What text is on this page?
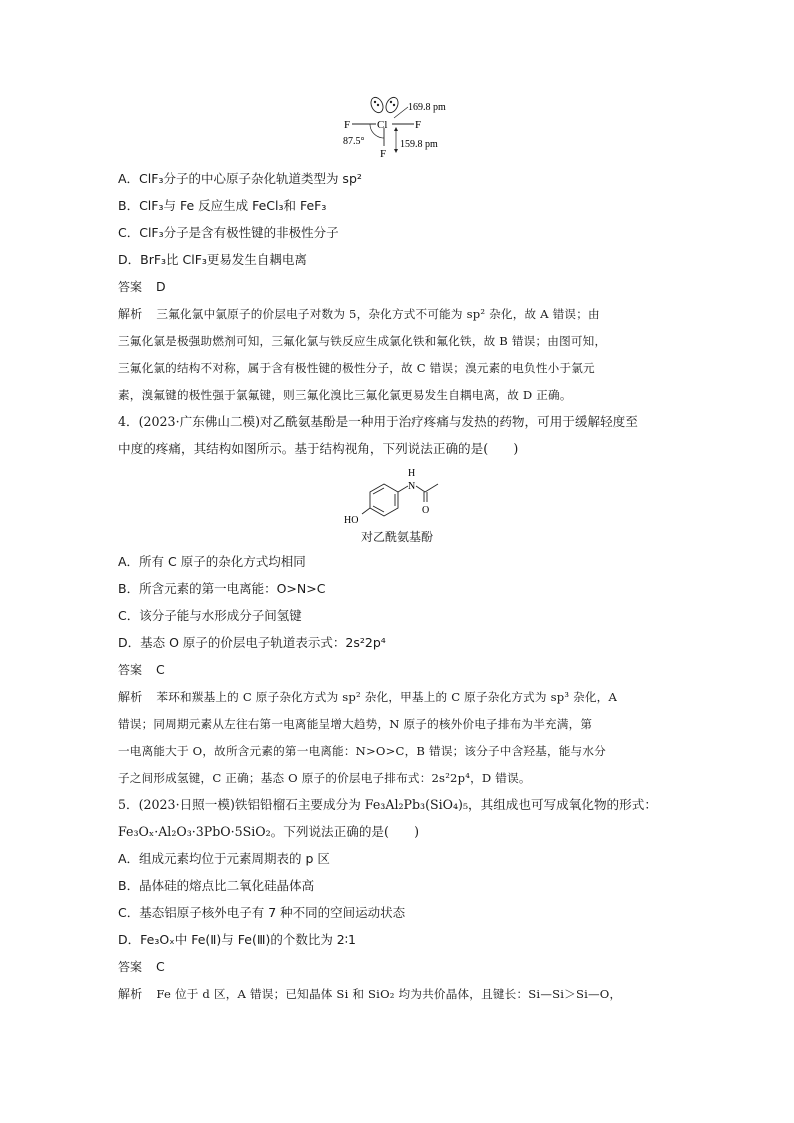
Cl
F	F
F
169.8 pm
159.8 pm
87.5°
A．ClF₃分子的中心原子杂化轨道类型为 sp²
B．ClF₃与 Fe 反应生成 FeCl₃和 FeF₃
C．ClF₃分子是含有极性键的非极性分子
D．BrF₃比 ClF₃更易发生自耦电离
答案 D
解析 三氟化氯中氯原子的价层电子对数为 5，杂化方式不可能为 sp² 杂化，故 A 错误；由
三氟化氯是极强助燃剂可知，三氟化氯与铁反应生成氯化铁和氟化铁，故 B 错误；由图可知，
三氟化氯的结构不对称，属于含有极性键的极性分子，故 C 错误；溴元素的电负性小于氯元
素，溴氟键的极性强于氯氟键，则三氟化溴比三氟化氯更易发生自耦电离，故 D 正确。
4．(2023·广东佛山二模)对乙酰氨基酚是一种用于治疗疼痛与发热的药物，可用于缓解轻度至
中度的疼痛，其结构如图所示。基于结构视角，下列说法正确的是(　　)
H
N
O
HO
对乙酰氨基酚
A．所有 C 原子的杂化方式均相同
B．所含元素的第一电离能：O>N>C
C．该分子能与水形成分子间氢键
D．基态 O 原子的价层电子轨道表示式：2s²2p⁴
答案 C
解析 苯环和羰基上的 C 原子杂化方式为 sp² 杂化，甲基上的 C 原子杂化方式为 sp³ 杂化，A
错误；同周期元素从左往右第一电离能呈增大趋势，N 原子的核外价电子排布为半充满，第
一电离能大于 O，故所含元素的第一电离能：N>O>C，B 错误；该分子中含羟基，能与水分
子之间形成氢键，C 正确；基态 O 原子的价层电子排布式：2s²2p⁴，D 错误。
5．(2023·日照一模)铁铝铅榴石主要成分为 Fe₃Al₂Pb₃(SiO₄)₅，其组成也可写成氧化物的形式：
Fe₃Oₓ·Al₂O₃·3PbO·5SiO₂。下列说法正确的是(　　)
A．组成元素均位于元素周期表的 p 区
B．晶体硅的熔点比二氧化硅晶体高
C．基态铝原子核外电子有 7 种不同的空间运动状态
D．Fe₃Oₓ中 Fe(Ⅱ)与 Fe(Ⅲ)的个数比为 2∶1
答案 C
解析 Fe 位于 d 区，A 错误；已知晶体 Si 和 SiO₂ 均为共价晶体，且键长：Si—Si＞Si—O，
